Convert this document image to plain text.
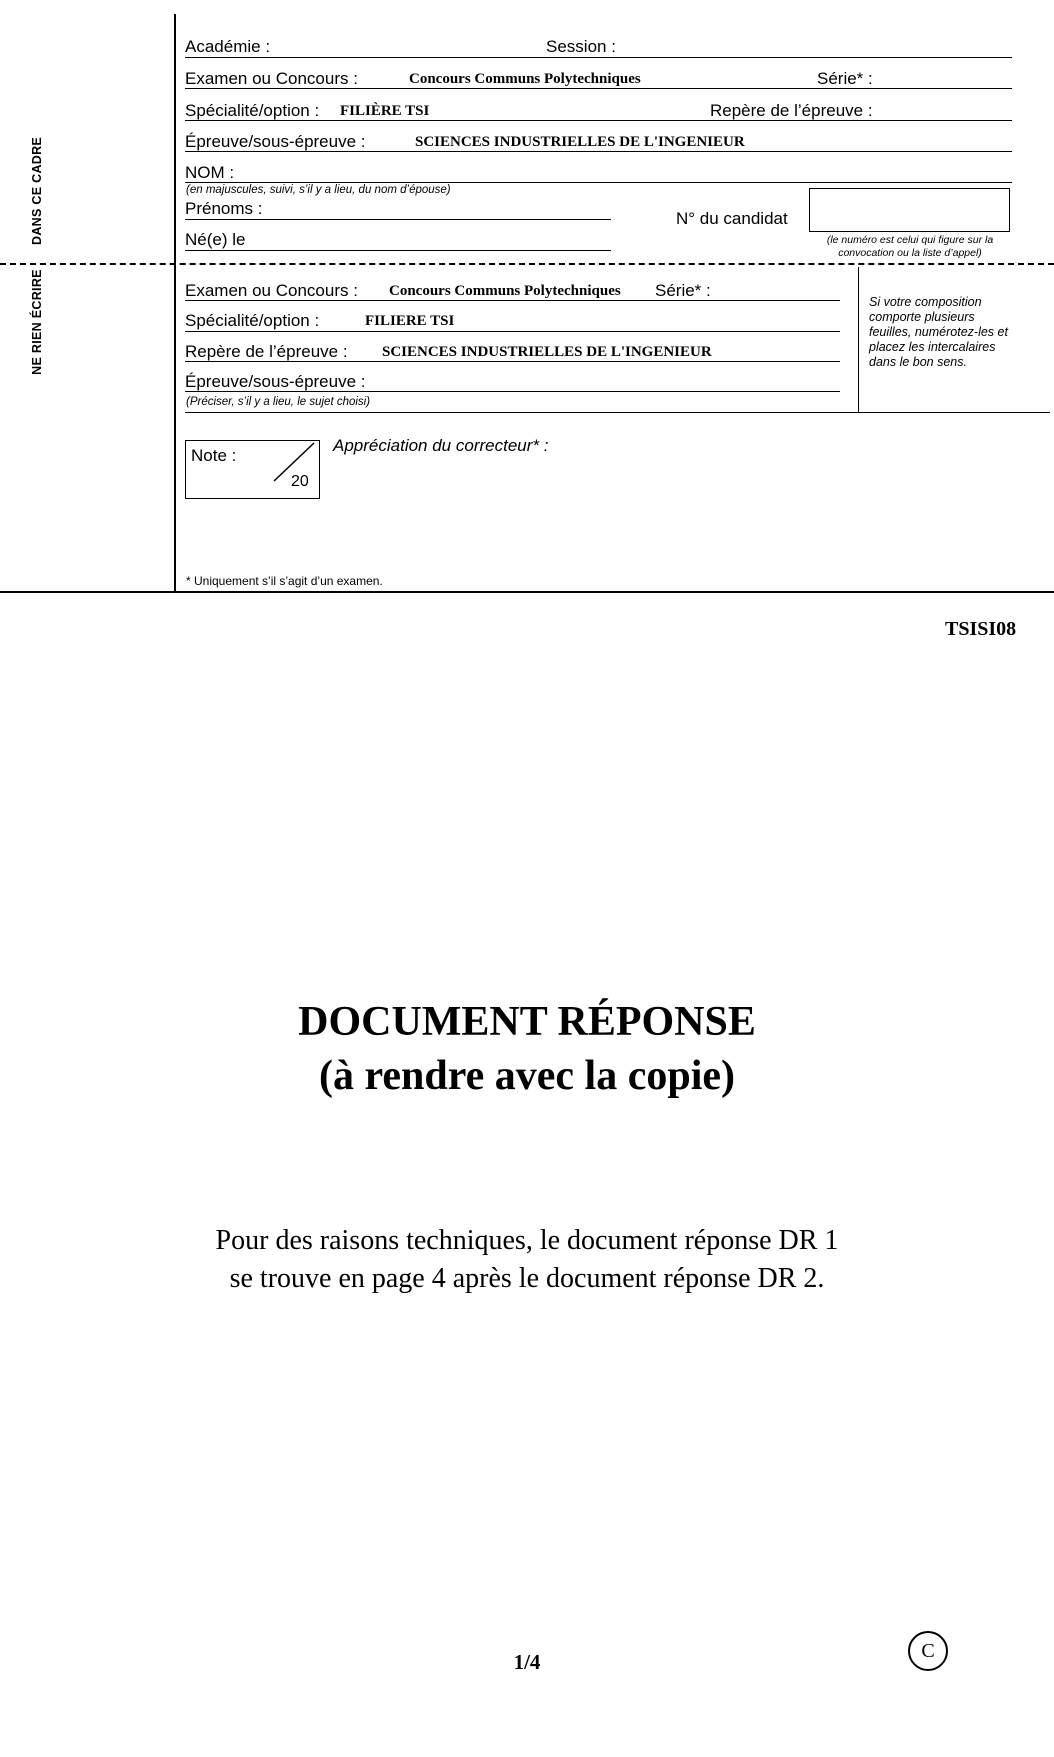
DANS CE CADRE
NE RIEN ÉCRIRE
Académie :	Session :
Examen ou Concours :	Concours Communs Polytechniques	Série* :
Spécialité/option : FILIÈRE TSI	Repère de l’épreuve :
Épreuve/sous-épreuve :	SCIENCES INDUSTRIELLES DE L'INGENIEUR
NOM :
(en majuscules, suivi, s’il y a lieu, du nom d’épouse)
Prénoms :
Né(e) le
N° du candidat
(le numéro est celui qui figure sur la convocation ou la liste d’appel)
Examen ou Concours : Concours Communs Polytechniques Série* :
Spécialité/option :	FILIERE TSI
Repère de l’épreuve : SCIENCES INDUSTRIELLES DE L'INGENIEUR
Épreuve/sous-épreuve :
(Préciser, s’il y a lieu, le sujet choisi)
Si votre composition comporte plusieurs feuilles, numérotez-les et placez les intercalaires dans le bon sens.
Note :
20
Appréciation du correcteur* :
* Uniquement s’il s’agit d’un examen.
TSISI08
DOCUMENT RÉPONSE
(à rendre avec la copie)
Pour des raisons techniques, le document réponse DR 1
se trouve en page 4 après le document réponse DR 2.
1/4	C
